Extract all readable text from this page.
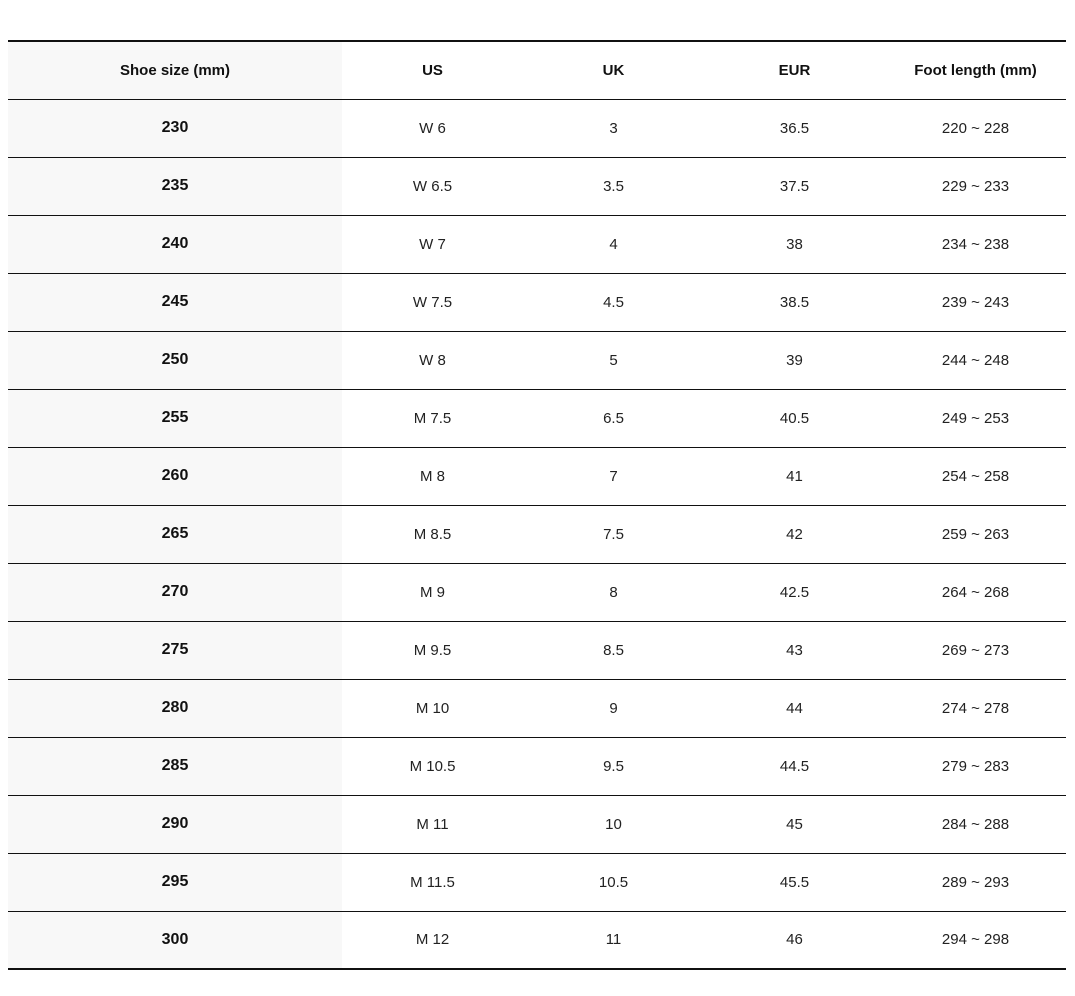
Shoe size (mm)	US	UK	EUR	Foot length (mm)
230	W 6	3	36.5	220 ~ 228
235	W 6.5	3.5	37.5	229 ~ 233
240	W 7	4	38	234 ~ 238
245	W 7.5	4.5	38.5	239 ~ 243
250	W 8	5	39	244 ~ 248
255	M 7.5	6.5	40.5	249 ~ 253
260	M 8	7	41	254 ~ 258
265	M 8.5	7.5	42	259 ~ 263
270	M 9	8	42.5	264 ~ 268
275	M 9.5	8.5	43	269 ~ 273
280	M 10	9	44	274 ~ 278
285	M 10.5	9.5	44.5	279 ~ 283
290	M 11	10	45	284 ~ 288
295	M 11.5	10.5	45.5	289 ~ 293
300	M 12	11	46	294 ~ 298
